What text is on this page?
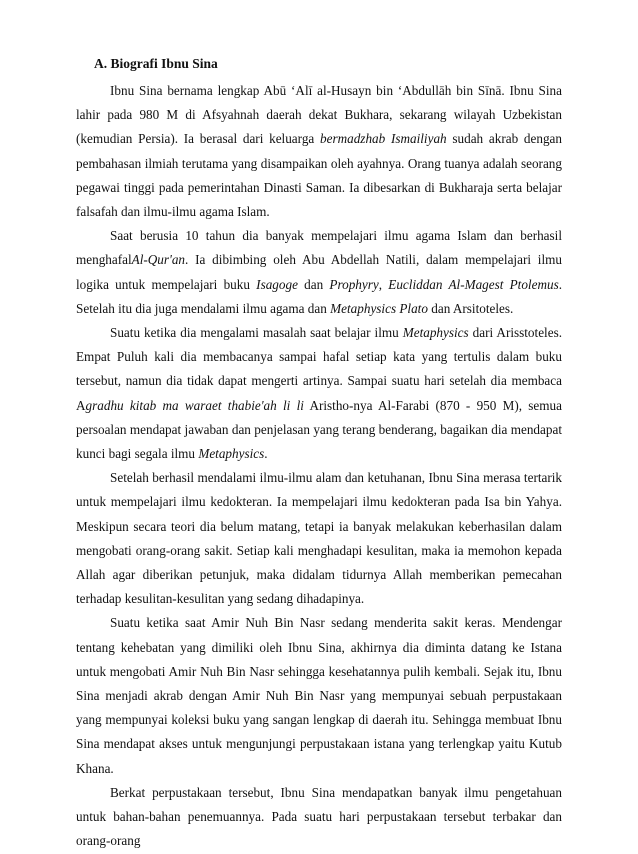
A. Biografi Ibnu Sina

Ibnu Sina bernama lengkap Abū ‘Alī al-Husayn bin ‘Abdullāh bin Sīnā. Ibnu Sina lahir pada 980 M di Afsyahnah daerah dekat Bukhara, sekarang wilayah Uzbekistan (kemudian Persia). Ia berasal dari keluarga bermadzhab Ismailiyah sudah akrab dengan pembahasan ilmiah terutama yang disampaikan oleh ayahnya. Orang tuanya adalah seorang pegawai tinggi pada pemerintahan Dinasti Saman. Ia dibesarkan di Bukharaja serta belajar falsafah dan ilmu-ilmu agama Islam.

Saat berusia 10 tahun dia banyak mempelajari ilmu agama Islam dan berhasil menghafalAl-Qur'an. Ia dibimbing oleh Abu Abdellah Natili, dalam mempelajari ilmu logika untuk mempelajari buku Isagoge dan Prophyry, Eucliddan Al-Magest Ptolemus. Setelah itu dia juga mendalami ilmu agama dan Metaphysics Plato dan Arsitoteles.

Suatu ketika dia mengalami masalah saat belajar ilmu Metaphysics dari Arisstoteles. Empat Puluh kali dia membacanya sampai hafal setiap kata yang tertulis dalam buku tersebut, namun dia tidak dapat mengerti artinya. Sampai suatu hari setelah dia membaca Agradhu kitab ma waraet thabie'ah li li Aristho-nya Al-Farabi (870 - 950 M), semua persoalan mendapat jawaban dan penjelasan yang terang benderang, bagaikan dia mendapat kunci bagi segala ilmu Metaphysics.

Setelah berhasil mendalami ilmu-ilmu alam dan ketuhanan, Ibnu Sina merasa tertarik untuk mempelajari ilmu kedokteran. Ia mempelajari ilmu kedokteran pada Isa bin Yahya. Meskipun secara teori dia belum matang, tetapi ia banyak melakukan keberhasilan dalam mengobati orang-orang sakit. Setiap kali menghadapi kesulitan, maka ia memohon kepada Allah agar diberikan petunjuk, maka didalam tidurnya Allah memberikan pemecahan terhadap kesulitan-kesulitan yang sedang dihadapinya.

Suatu ketika saat Amir Nuh Bin Nasr sedang menderita sakit keras. Mendengar tentang kehebatan yang dimiliki oleh Ibnu Sina, akhirnya dia diminta datang ke Istana untuk mengobati Amir Nuh Bin Nasr sehingga kesehatannya pulih kembali. Sejak itu, Ibnu Sina menjadi akrab dengan Amir Nuh Bin Nasr yang mempunyai sebuah perpustakaan yang mempunyai koleksi buku yang sangan lengkap di daerah itu. Sehingga membuat Ibnu Sina mendapat akses untuk mengunjungi perpustakaan istana yang terlengkap yaitu Kutub Khana.

Berkat perpustakaan tersebut, Ibnu Sina mendapatkan banyak ilmu pengetahuan untuk bahan-bahan penemuannya. Pada suatu hari perpustakaan tersebut terbakar dan orang-orang
